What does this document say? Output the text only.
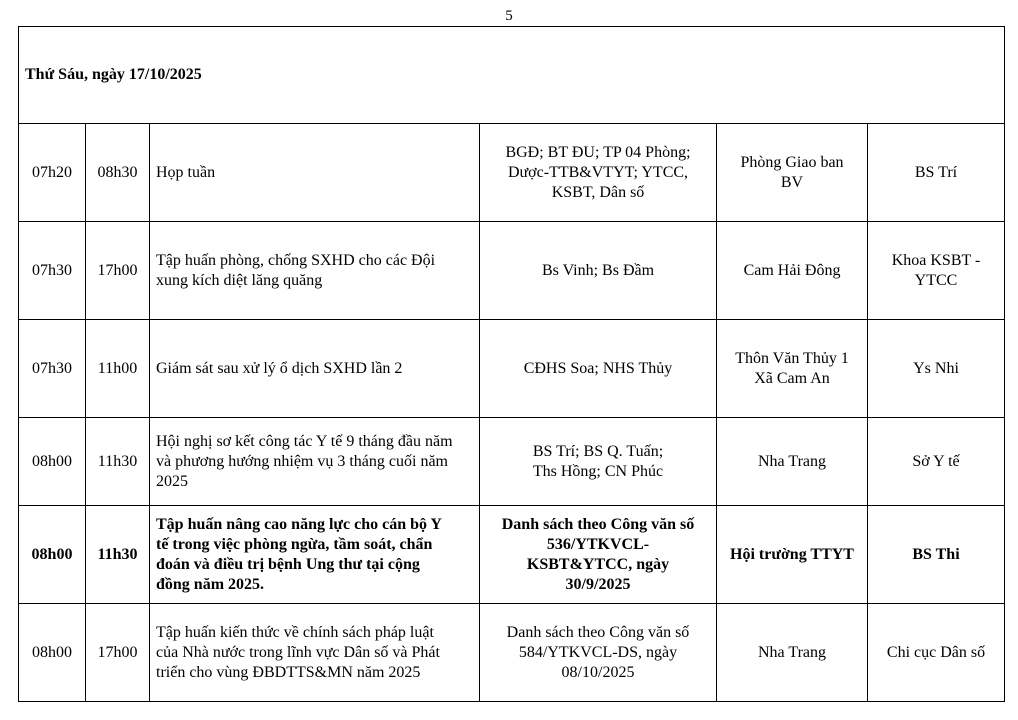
5
Thứ Sáu, ngày 17/10/2025					
07h20	08h30	Họp tuần	BGĐ; BT ĐU; TP 04 Phòng;
Dược-TTB&VTYT; YTCC,
KSBT, Dân số	Phòng Giao ban
BV	BS Trí
07h30	17h00	Tập huấn phòng, chống SXHD cho các Đội
xung kích diệt lăng quăng	Bs Vinh; Bs Đầm	Cam Hải Đông	Khoa KSBT -
YTCC
07h30	11h00	Giám sát sau xử lý ổ dịch SXHD lần 2	CĐHS Soa; NHS Thủy	Thôn Văn Thủy 1
Xã Cam An	Ys Nhi
08h00	11h30	Hội nghị sơ kết công tác Y tế 9 tháng đầu năm
và phương hướng nhiệm vụ 3 tháng cuối năm
2025	BS Trí; BS Q. Tuấn;
Ths Hồng; CN Phúc	Nha Trang	Sở Y tế
08h00	11h30	Tập huấn nâng cao năng lực cho cán bộ Y
tế trong việc phòng ngừa, tầm soát, chẩn
đoán và điều trị bệnh Ung thư tại cộng
đồng năm 2025.	Danh sách theo Công văn số
536/YTKVCL-
KSBT&YTCC, ngày
30/9/2025	Hội trường TTYT	BS Thi
08h00	17h00	Tập huấn kiến thức về chính sách pháp luật
của Nhà nước trong lĩnh vực Dân số và Phát
triển cho vùng ĐBDTTS&MN năm 2025	Danh sách theo Công văn số
584/YTKVCL-DS, ngày
08/10/2025	Nha Trang	Chi cục Dân số
